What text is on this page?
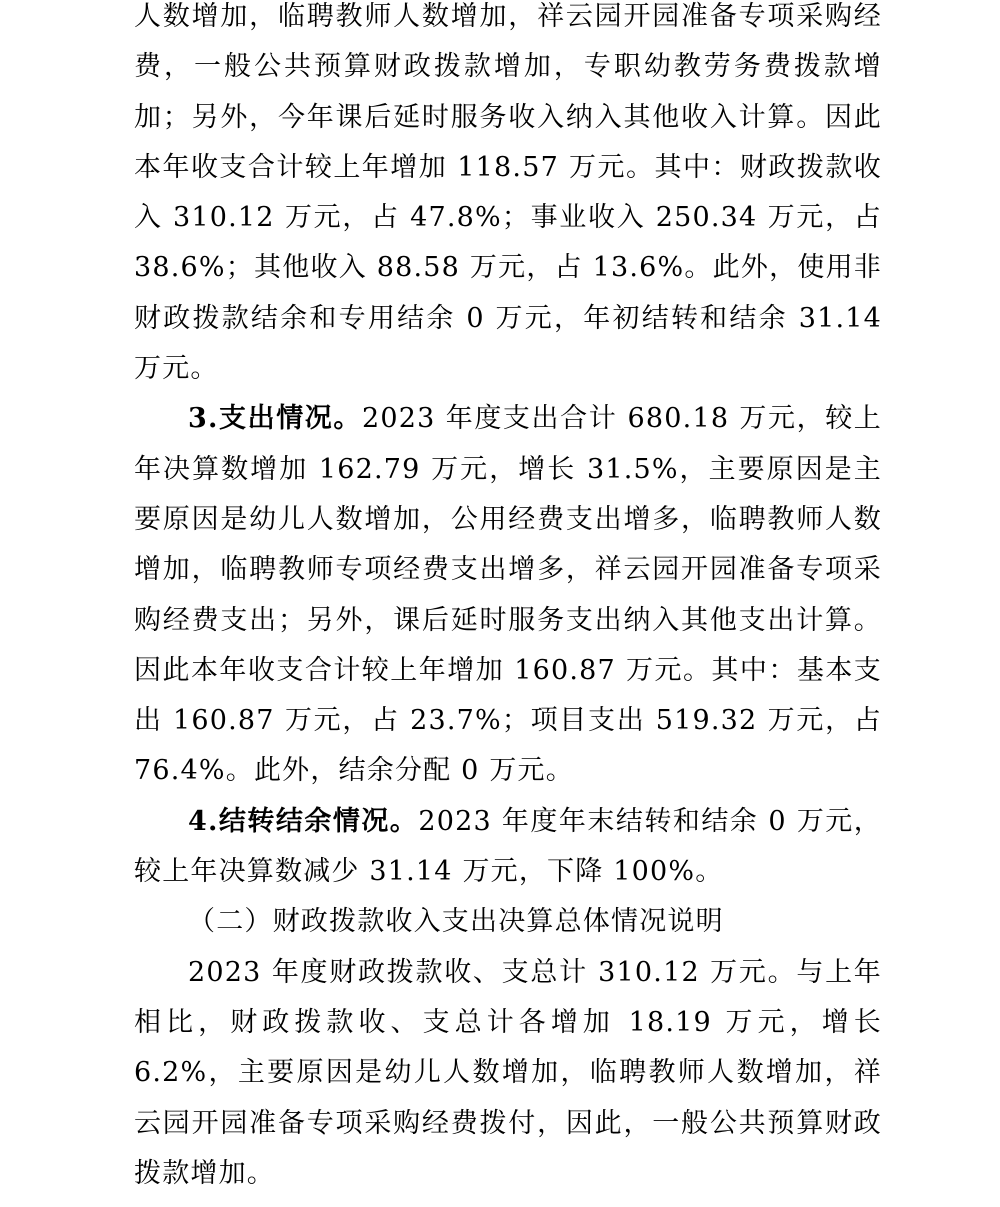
人数增加，临聘教师人数增加，祥云园开园准备专项采购经费，一般公共预算财政拨款增加，专职幼教劳务费拨款增加；另外，今年课后延时服务收入纳入其他收入计算。因此本年收支合计较上年增加 118.57 万元。其中：财政拨款收入 310.12 万元，占 47.8%；事业收入 250.34 万元，占 38.6%；其他收入 88.58 万元，占 13.6%。此外，使用非财政拨款结余和专用结余 0 万元，年初结转和结余 31.14 万元。

3.支出情况。2023 年度支出合计 680.18 万元，较上年决算数增加 162.79 万元，增长 31.5%，主要原因是主要原因是幼儿人数增加，公用经费支出增多，临聘教师人数增加，临聘教师专项经费支出增多，祥云园开园准备专项采购经费支出；另外，课后延时服务支出纳入其他支出计算。因此本年收支合计较上年增加 160.87 万元。其中：基本支出 160.87 万元，占 23.7%；项目支出 519.32 万元，占 76.4%。此外，结余分配 0 万元。

4.结转结余情况。2023 年度年末结转和结余 0 万元，较上年决算数减少 31.14 万元，下降 100%。

（二）财政拨款收入支出决算总体情况说明

2023 年度财政拨款收、支总计 310.12 万元。与上年相比，财政拨款收、支总计各增加 18.19 万元，增长 6.2%，主要原因是幼儿人数增加，临聘教师人数增加，祥云园开园准备专项采购经费拨付，因此，一般公共预算财政拨款增加。
